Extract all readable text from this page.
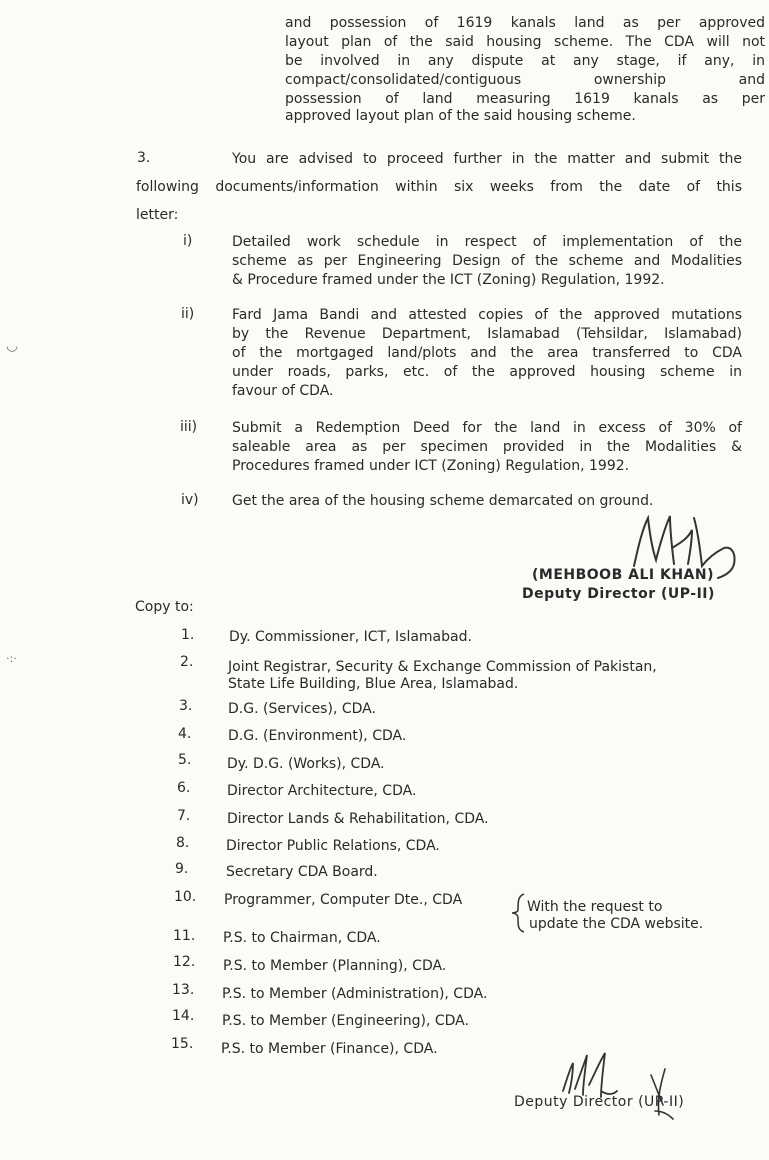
and possession of 1619 kanals land as per approved
layout plan of the said housing scheme. The CDA will not
be involved in any dispute at any stage, if any, in
compact/consolidated/contiguous ownership and
possession of land measuring 1619 kanals as per
approved layout plan of the said housing scheme.
3.	You are advised to proceed further in the matter and submit the
following documents/information within six weeks from the date of this
letter:
i)	Detailed work schedule in respect of implementation of the
scheme as per Engineering Design of the scheme and Modalities
& Procedure framed under the ICT (Zoning) Regulation, 1992.
ii)	Fard Jama Bandi and attested copies of the approved mutations
by the Revenue Department, Islamabad (Tehsildar, Islamabad)
of the mortgaged land/plots and the area transferred to CDA
under roads, parks, etc. of the approved housing scheme in
favour of CDA.
iii) Submit a Redemption Deed for the land in excess of 30% of
saleable area as per specimen provided in the Modalities &
Procedures framed under ICT (Zoning) Regulation, 1992.
iv) Get the area of the housing scheme demarcated on ground.
(MEHBOOB ALI KHAN)
Deputy Director (UP-II)
Copy to:
1. Dy. Commissioner, ICT, Islamabad.
2. Joint Registrar, Security & Exchange Commission of Pakistan,
State Life Building, Blue Area, Islamabad.
3.	D.G. (Services), CDA.
4.	D.G. (Environment), CDA.
5.	Dy. D.G. (Works), CDA.
6.	Director Architecture, CDA.
7.	Director Lands & Rehabilitation, CDA.
8.	Director Public Relations, CDA.
9.	Secretary CDA Board.
10. Programmer, Computer Dte., CDA
11. P.S. to Chairman, CDA.
12. P.S. to Member (Planning), CDA.
13. P.S. to Member (Administration), CDA.
14. P.S. to Member (Engineering), CDA.
15. P.S. to Member (Finance), CDA.
With the request to
update the CDA website.
Deputy Director (UP-II)
◡
·:·
